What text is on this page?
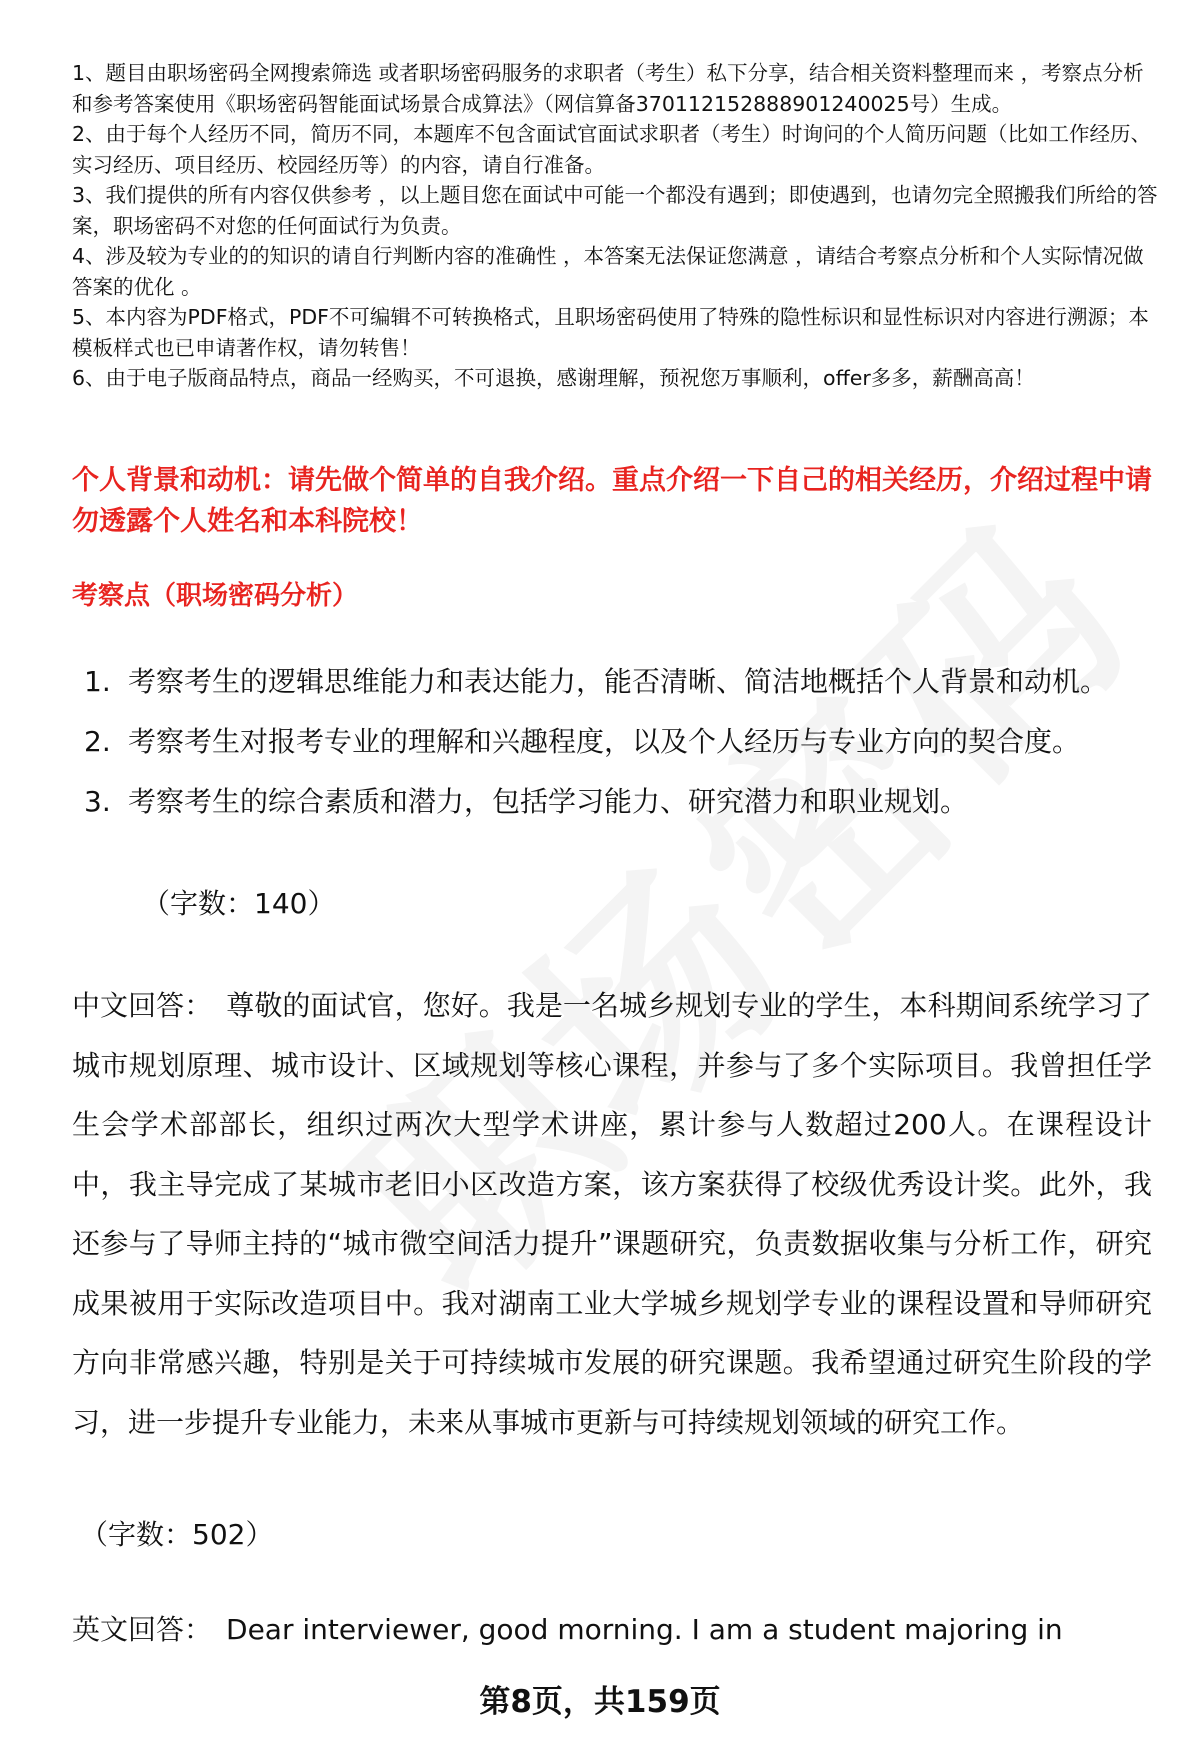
1、题目由职场密码全网搜索筛选 或者职场密码服务的求职者（考生）私下分享，结合相关资料整理而来 ，考察点分析和参考答案使用《职场密码智能面试场景合成算法》（网信算备370112152888901240025号）生成。

2、由于每个人经历不同，简历不同，本题库不包含面试官面试求职者（考生）时询问的个人简历问题（比如工作经历、实习经历、项目经历、校园经历等）的内容，请自行准备。

3、我们提供的所有内容仅供参考 ，以上题目您在面试中可能一个都没有遇到；即使遇到，也请勿完全照搬我们所给的答案，职场密码不对您的任何面试行为负责。

4、涉及较为专业的的知识的请自行判断内容的准确性 ，本答案无法保证您满意 ，请结合考察点分析和个人实际情况做答案的优化 。

5、本内容为PDF格式，PDF不可编辑不可转换格式，且职场密码使用了特殊的隐性标识和显性标识对内容进行溯源；本模板样式也已申请著作权，请勿转售！

6、由于电子版商品特点，商品一经购买，不可退换，感谢理解，预祝您万事顺利，offer多多，薪酬高高！

个人背景和动机：请先做个简单的自我介绍。重点介绍一下自己的相关经历，介绍过程中请勿透露个人姓名和本科院校！
考察点（职场密码分析）
1. 考察考生的逻辑思维能力和表达能力，能否清晰、简洁地概括个人背景和动机。
2. 考察考生对报考专业的理解和兴趣程度，以及个人经历与专业方向的契合度。
3. 考察考生的综合素质和潜力，包括学习能力、研究潜力和职业规划。
（字数：140）
中文回答： 尊敬的面试官，您好。我是一名城乡规划专业的学生，本科期间系统学习了城市规划原理、城市设计、区域规划等核心课程，并参与了多个实际项目。我曾担任学生会学术部部长，组织过两次大型学术讲座，累计参与人数超过200人。在课程设计中，我主导完成了某城市老旧小区改造方案，该方案获得了校级优秀设计奖。此外，我还参与了导师主持的“城市微空间活力提升”课题研究，负责数据收集与分析工作，研究成果被用于实际改造项目中。我对湖南工业大学城乡规划学专业的课程设置和导师研究方向非常感兴趣，特别是关于可持续城市发展的研究课题。我希望通过研究生阶段的学习，进一步提升专业能力，未来从事城市更新与可持续规划领域的研究工作。
（字数：502）
英文回答： Dear interviewer, good morning. I am a student majoring in
第8页，共159页
